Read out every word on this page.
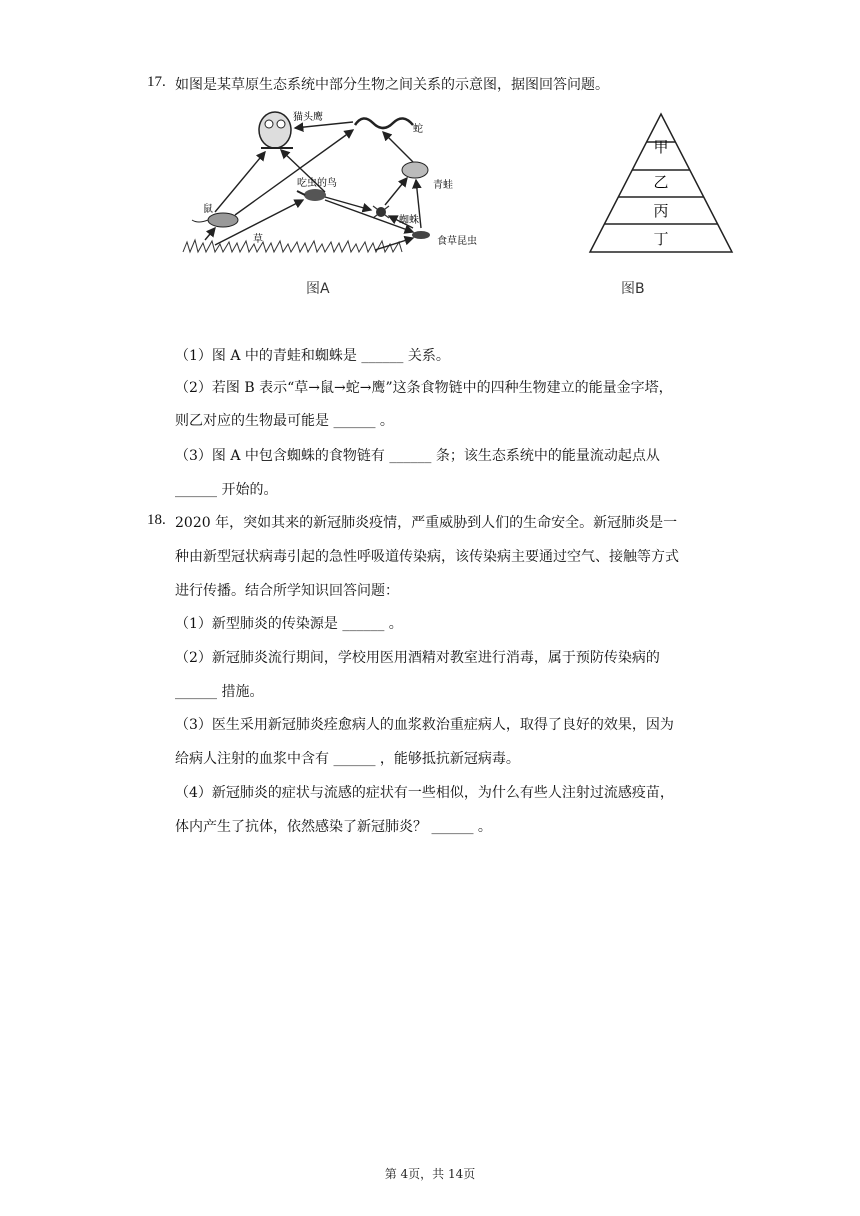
17. 如图是某草原生态系统中部分生物之间关系的示意图，据图回答问题。
猫头鹰
蛇
吃虫的鸟	青蛙
鼠
草
蜘蛛
食草昆虫
图A
甲
乙
丙
丁
图B
（1）图 A 中的青蛙和蜘蛛是 ______ 关系。
（2）若图 B 表示“草→鼠→蛇→鹰”这条食物链中的四种生物建立的能量金字塔，
则乙对应的生物最可能是 ______ 。
（3）图 A 中包含蜘蛛的食物链有 ______ 条；该生态系统中的能量流动起点从
______ 开始的。
18. 2020 年，突如其来的新冠肺炎疫情，严重威胁到人们的生命安全。新冠肺炎是一
种由新型冠状病毒引起的急性呼吸道传染病，该传染病主要通过空气、接触等方式
进行传播。结合所学知识回答问题：
（1）新型肺炎的传染源是 ______ 。
（2）新冠肺炎流行期间，学校用医用酒精对教室进行消毒，属于预防传染病的
______ 措施。
（3）医生采用新冠肺炎痊愈病人的血浆救治重症病人，取得了良好的效果，因为
给病人注射的血浆中含有 ______ ，能够抵抗新冠病毒。
（4）新冠肺炎的症状与流感的症状有一些相似，为什么有些人注射过流感疫苗，
体内产生了抗体，依然感染了新冠肺炎？ ______ 。
第 4页，共 14页
